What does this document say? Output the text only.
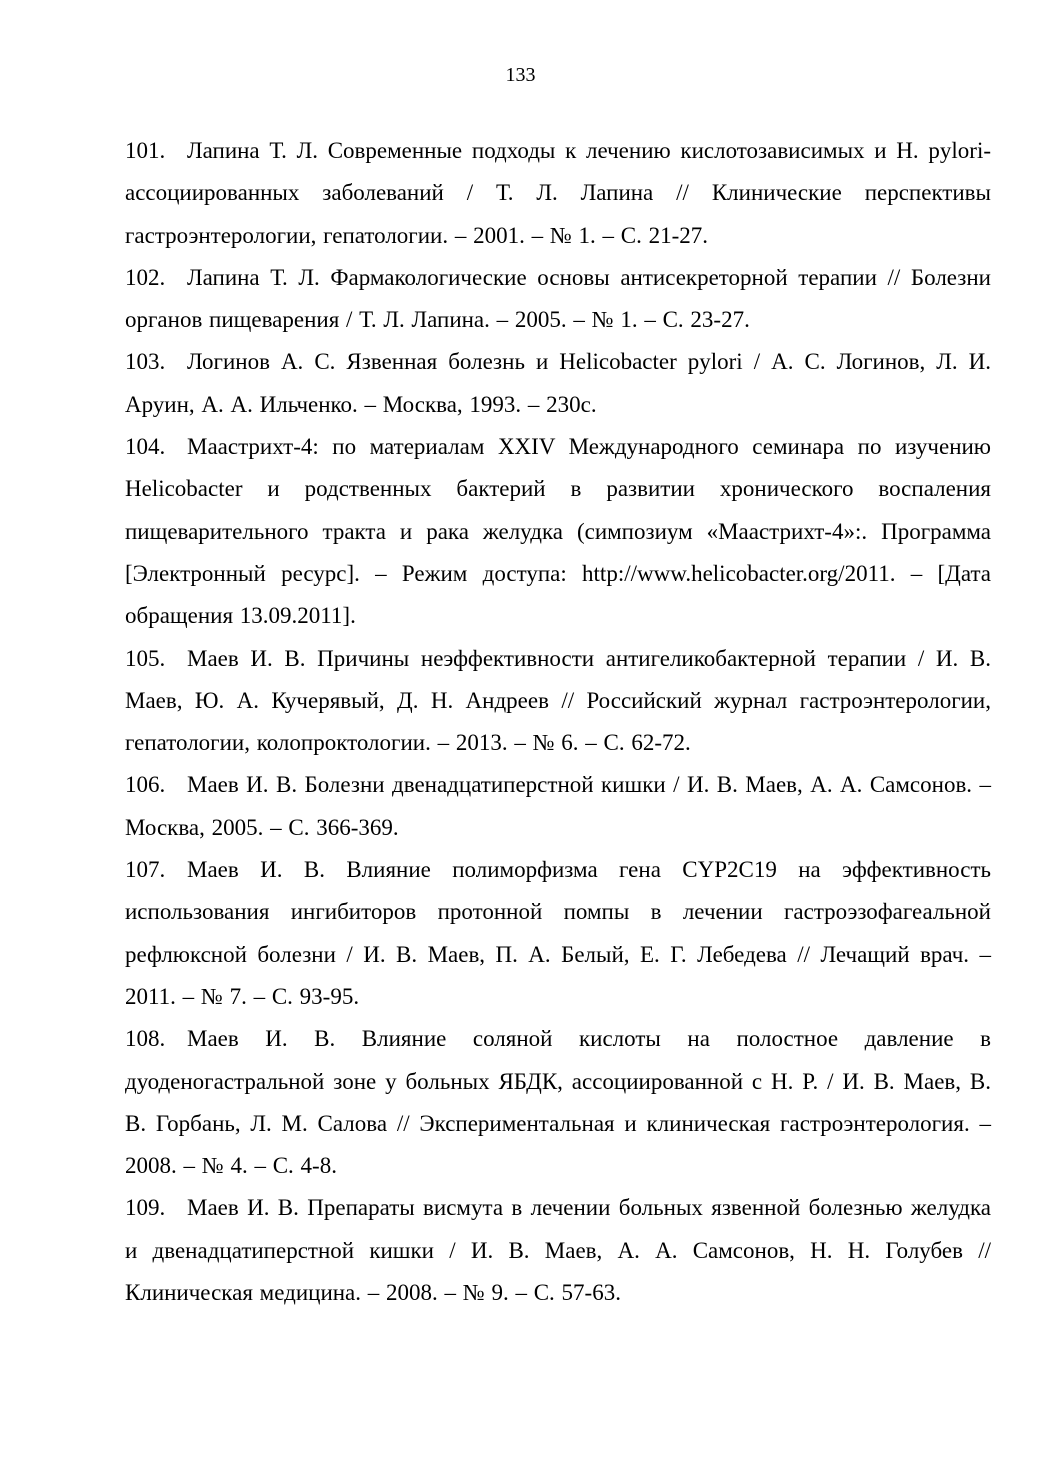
133

101. Лапина Т. Л. Современные подходы к лечению кислотозависимых и H. pylori-ассоциированных заболеваний / Т. Л. Лапина // Клинические перспективы гастроэнтерологии, гепатологии. – 2001. – № 1. – С. 21-27.

102. Лапина Т. Л. Фармакологические основы антисекреторной терапии // Болезни органов пищеварения / Т. Л. Лапина. – 2005. – № 1. – С. 23-27.

103. Логинов А. С. Язвенная болезнь и Helicobacter pylori / А. С. Логинов, Л. И. Аруин, А. А. Ильченко. – Москва, 1993. – 230с.

104. Маастрихт-4: по материалам XXIV Международного семинара по изучению Helicobacter и родственных бактерий в развитии хронического воспаления пищеварительного тракта и рака желудка (симпозиум «Маастрихт-4»:. Программа [Электронный ресурс]. – Режим доступа: http://www.helicobacter.org/2011. – [Дата обращения 13.09.2011].

105. Маев И. В. Причины неэффективности антигеликобактерной терапии / И. В. Маев, Ю. А. Кучерявый, Д. Н. Андреев // Российский журнал гастроэнтерологии, гепатологии, колопроктологии. – 2013. – № 6. – С. 62-72.

106. Маев И. В. Болезни двенадцатиперстной кишки / И. В. Маев, А. А. Самсонов. – Москва, 2005. – С. 366-369.

107. Маев И. В. Влияние полиморфизма гена CYP2C19 на эффективность использования ингибиторов протонной помпы в лечении гастроэзофагеальной рефлюксной болезни / И. В. Маев, П. А. Белый, Е. Г. Лебедева // Лечащий врач. – 2011. – № 7. – С. 93-95.

108. Маев И. В. Влияние соляной кислоты на полостное давление в дуоденогастральной зоне у больных ЯБДК, ассоциированной с H. P. / И. В. Маев, В. В. Горбань, Л. М. Салова // Экспериментальная и клиническая гастроэнтерология. – 2008. – № 4. – С. 4-8.

109. Маев И. В. Препараты висмута в лечении больных язвенной болезнью желудка и двенадцатиперстной кишки / И. В. Маев, А. А. Самсонов, Н. Н. Голубев // Клиническая медицина. – 2008. – № 9. – С. 57-63.
